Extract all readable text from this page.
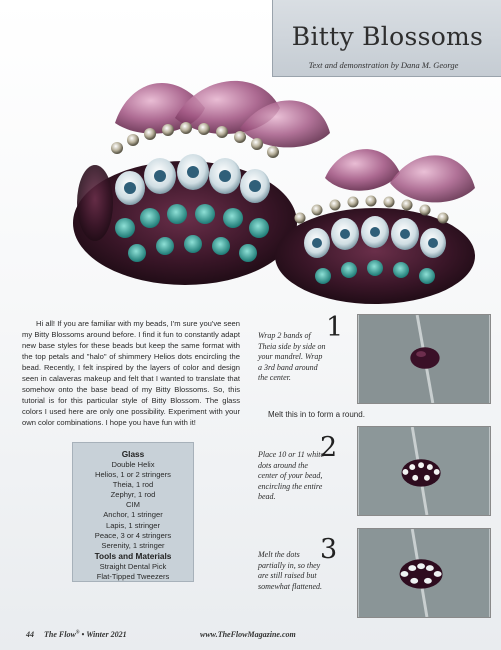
Bitty Blossoms
Text and demonstration by Dana M. George

Hi all! If you are familiar with my beads, I'm sure you've seen my Bitty Blossoms around before. I find it fun to constantly adapt new base styles for these beads but keep the same format with the top petals and "halo" of shimmery Helios dots encircling the bead. Recently, I felt inspired by the layers of color and design seen in calaveras makeup and felt that I wanted to translate that somehow onto the base bead of my Bitty Blossoms. So, this tutorial is for this particular style of Bitty Blossom. The glass colors I used here are only one possibility. Experiment with your own color combinations. I hope you have fun with it!

Wrap 2 bands of Theia side by side on your mandrel. Wrap a 3rd band around the center.
1
Melt this in to form a round.
Place 10 or 11 white dots around the center of your bead, encircling the entire bead.
2
Melt the dots partially in, so they are still raised but somewhat flattened.
3
Glass
Double Helix
Helios, 1 or 2 stringers
Theia, 1 rod
Zephyr, 1 rod
CIM
Anchor, 1 stringer
Lapis, 1 stringer
Peace, 3 or 4 stringers
Serenity, 1 stringer
Tools and Materials
Straight Dental Pick
Flat-Tipped Tweezers
44 The Flow® • Winter 2021	www.TheFlowMagazine.com
